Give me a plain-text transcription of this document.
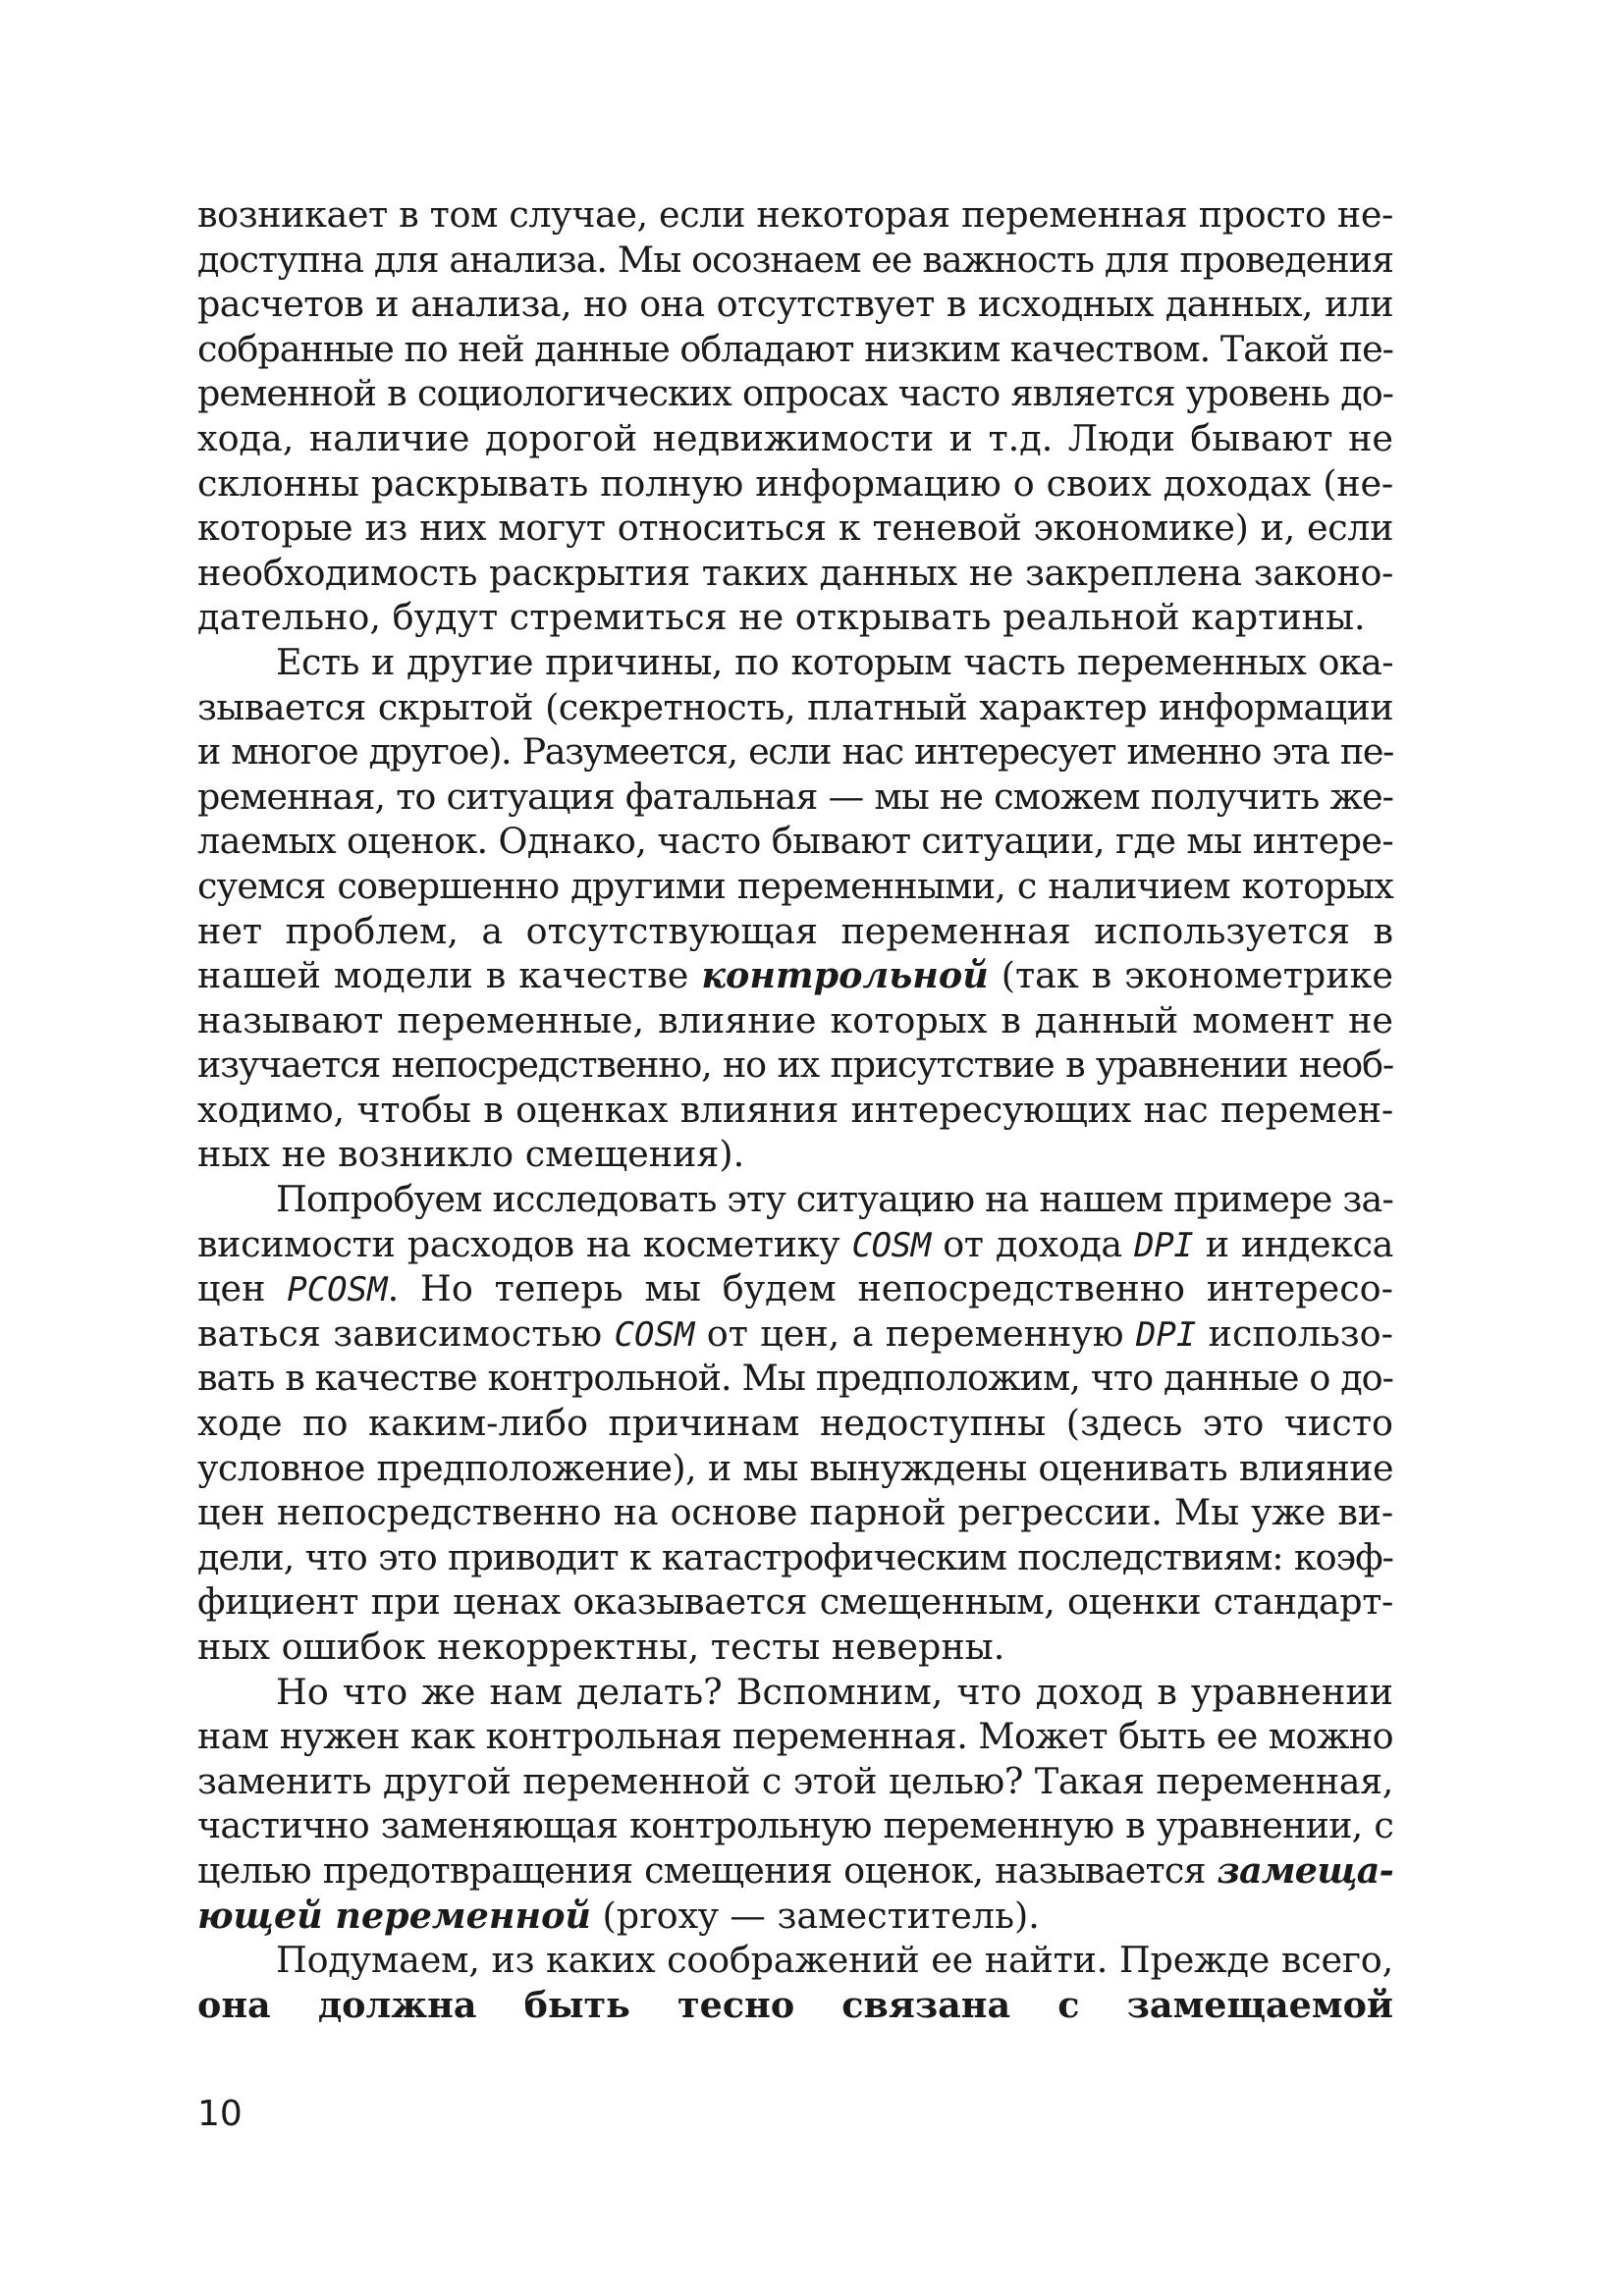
возникает в том случае, если некоторая переменная просто не-
доступна для анализа. Мы осознаем ее важность для проведения
расчетов и анализа, но она отсутствует в исходных данных, или
собранные по ней данные обладают низким качеством. Такой пе-
ременной в социологических опросах часто является уровень до-
хода, наличие дорогой недвижимости и т.д. Люди бывают не
склонны раскрывать полную информацию о своих доходах (не-
которые из них могут относиться к теневой экономике) и, если
необходимость раскрытия таких данных не закреплена законо-
дательно, будут стремиться не открывать реальной картины.
Есть и другие причины, по которым часть переменных ока-
зывается скрытой (секретность, платный характер информации
и многое другое). Разумеется, если нас интересует именно эта пе-
ременная, то ситуация фатальная — мы не сможем получить же-
лаемых оценок. Однако, часто бывают ситуации, где мы интере-
суемся совершенно другими переменными, с наличием которых
нет проблем, а отсутствующая переменная используется в
нашей модели в качестве контрольной (так в эконометрике
называют переменные, влияние которых в данный момент не
изучается непосредственно, но их присутствие в уравнении необ-
ходимо, чтобы в оценках влияния интересующих нас перемен-
ных не возникло смещения).
Попробуем исследовать эту ситуацию на нашем примере за-
висимости расходов на косметику COSM от дохода DPI и индекса
цен PCOSM. Но теперь мы будем непосредственно интересо-
ваться зависимостью COSM от цен, а переменную DPI использо-
вать в качестве контрольной. Мы предположим, что данные о до-
ходе по каким-либо причинам недоступны (здесь это чисто
условное предположение), и мы вынуждены оценивать влияние
цен непосредственно на основе парной регрессии. Мы уже ви-
дели, что это приводит к катастрофическим последствиям: коэф-
фициент при ценах оказывается смещенным, оценки стандарт-
ных ошибок некорректны, тесты неверны.
Но что же нам делать? Вспомним, что доход в уравнении
нам нужен как контрольная переменная. Может быть ее можно
заменить другой переменной с этой целью? Такая переменная,
частично заменяющая контрольную переменную в уравнении, с
целью предотвращения смещения оценок, называется замеща-
ющей переменной (proxy — заместитель).
Подумаем, из каких соображений ее найти. Прежде всего,
она должна быть тесно связана с замещаемой
10
